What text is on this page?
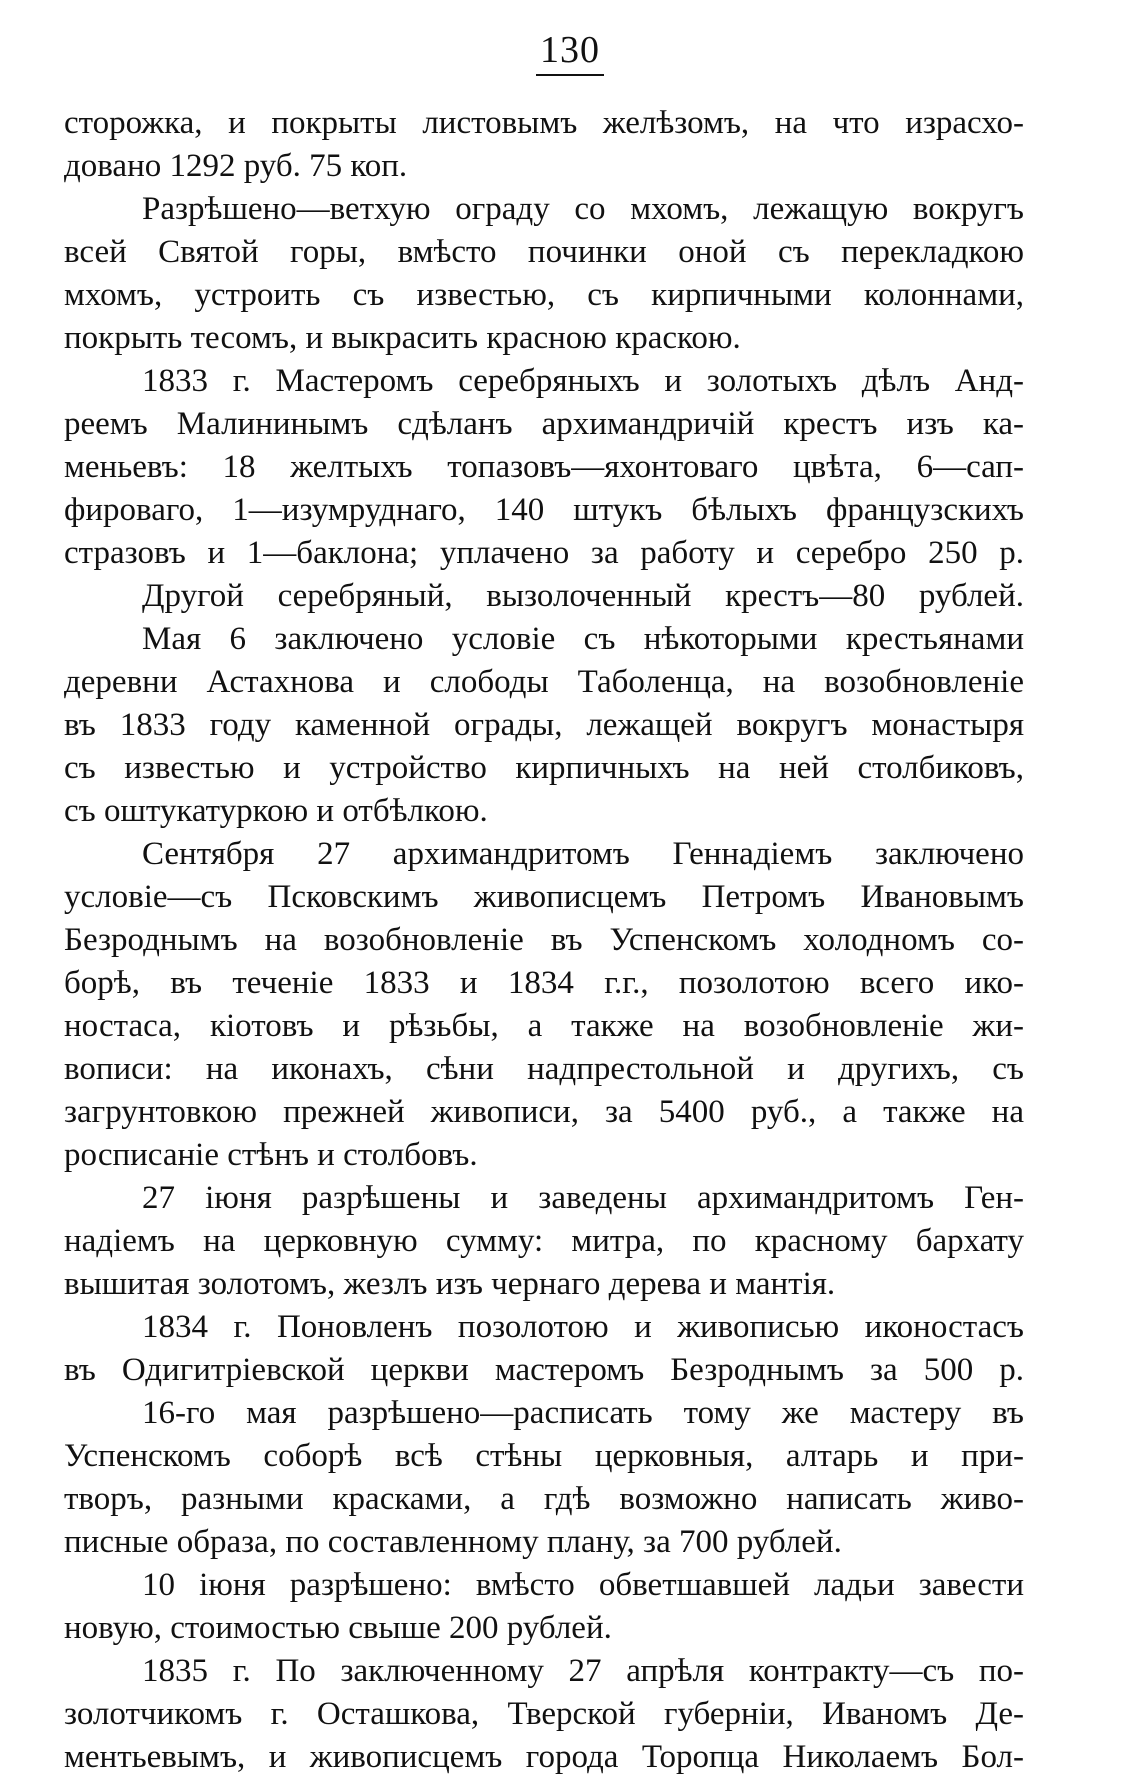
130
сторожка, и покрыты листовымъ желѣзомъ, на что израсхо-
довано 1292 руб. 75 коп.
Разрѣшено—ветхую ограду со мхомъ, лежащую вокругъ
всей Святой горы, вмѣсто починки оной съ перекладкою
мхомъ, устроить съ известью, съ кирпичными колоннами,
покрыть тесомъ, и выкрасить красною краскою.
1833 г. Мастеромъ серебряныхъ и золотыхъ дѣлъ Анд-
реемъ Малининымъ сдѣланъ архимандричій крестъ изъ ка-
меньевъ: 18 желтыхъ топазовъ—яхонтоваго цвѣта, 6—сап-
фироваго, 1—изумруднаго, 140 штукъ бѣлыхъ французскихъ
стразовъ и 1—баклона; уплачено за работу и серебро 250 р.
Другой серебряный, вызолоченный крестъ—80 рублей.
Мая 6 заключено условіе съ нѣкоторыми крестьянами
деревни Астахнова и слободы Таболенца, на возобновленіе
въ 1833 году каменной ограды, лежащей вокругъ монастыря
съ известью и устройство кирпичныхъ на ней столбиковъ,
съ оштукатуркою и отбѣлкою.
Сентября 27 архимандритомъ Геннадіемъ заключено
условіе—съ Псковскимъ живописцемъ Петромъ Ивановымъ
Безроднымъ на возобновленіе въ Успенскомъ холодномъ со-
борѣ, въ теченіе 1833 и 1834 г.г., позолотою всего ико-
ностаса, кіотовъ и рѣзьбы, а также на возобновленіе жи-
вописи: на иконахъ, сѣни надпрестольной и другихъ, съ
загрунтовкою прежней живописи, за 5400 руб., а также на
росписаніе стѣнъ и столбовъ.
27 іюня разрѣшены и заведены архимандритомъ Ген-
надіемъ на церковную сумму: митра, по красному бархату
вышитая золотомъ, жезлъ изъ чернаго дерева и мантія.
1834 г. Поновленъ позолотою и живописью иконостасъ
въ Одигитріевской церкви мастеромъ Безроднымъ за 500 р.
16-го мая разрѣшено—расписать тому же мастеру въ
Успенскомъ соборѣ всѣ стѣны церковныя, алтарь и при-
творъ, разными красками, а гдѣ возможно написать живо-
писные образа, по составленному плану, за 700 рублей.
10 іюня разрѣшено: вмѣсто обветшавшей ладьи завести
новую, стоимостью свыше 200 рублей.
1835 г. По заключенному 27 апрѣля контракту—съ по-
золотчикомъ г. Осташкова, Тверской губерніи, Иваномъ Де-
ментьевымъ, и живописцемъ города Торопца Николаемъ Бол-
